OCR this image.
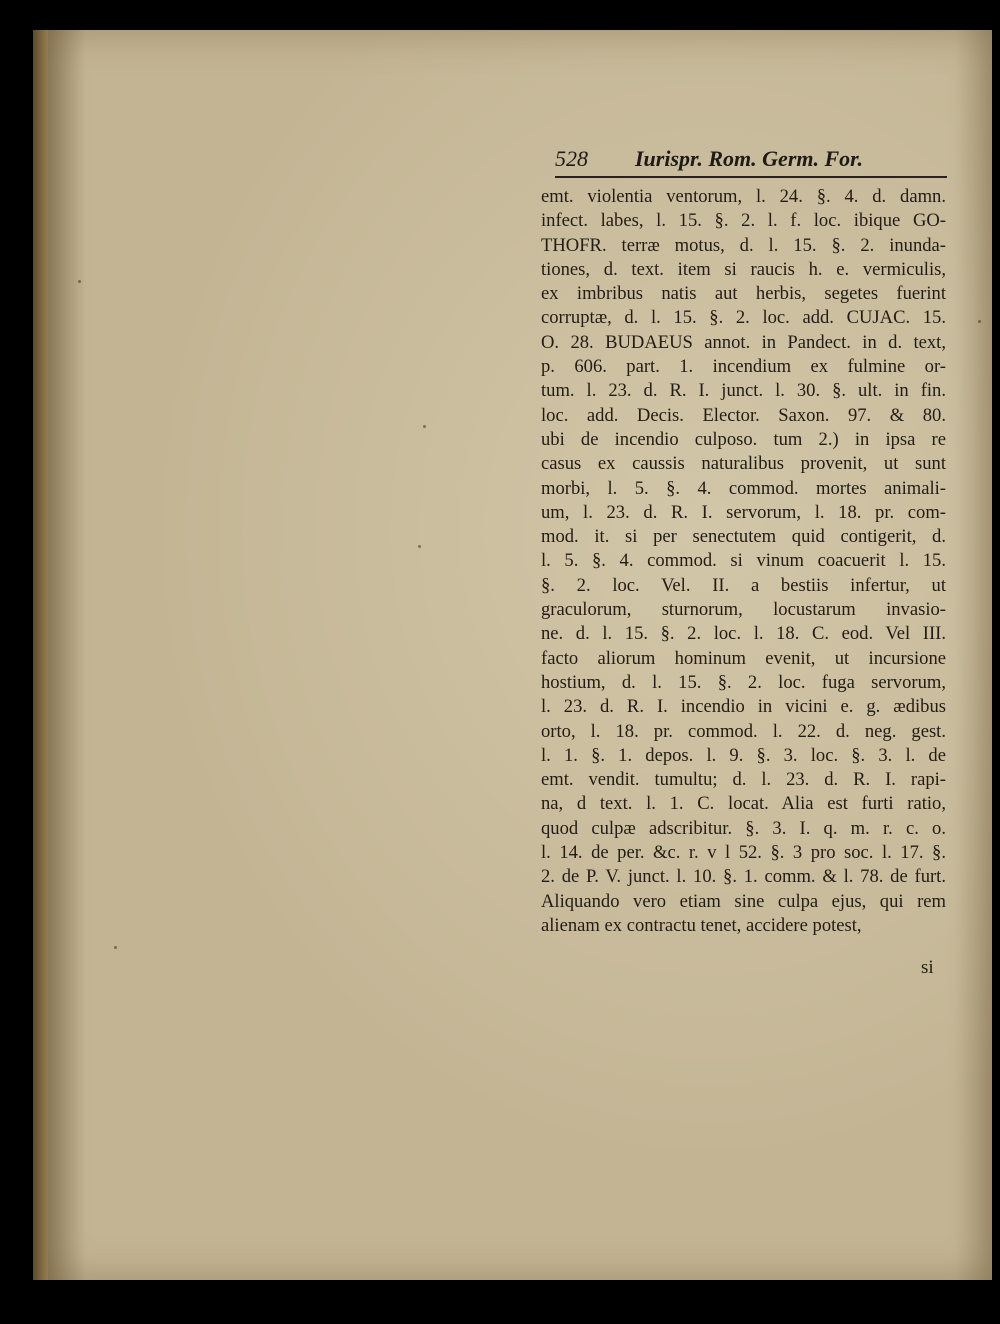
528 Iurispr. Rom. Germ. For.
emt. violentia ventorum, l. 24. §. 4. d. damn.
infect. labes, l. 15. §. 2. l. f. loc. ibique GO-
THOFR. terræ motus, d. l. 15. §. 2. inunda-
tiones, d. text. item si raucis h. e. vermiculis,
ex imbribus natis aut herbis, segetes fuerint
corruptæ, d. l. 15. §. 2. loc. add. CUJAC. 15.
O. 28. BUDAEUS annot. in Pandect. in d. text,
p. 606. part. 1. incendium ex fulmine or-
tum. l. 23. d. R. I. junct. l. 30. §. ult. in fin.
loc. add. Decis. Elector. Saxon. 97. & 80.
ubi de incendio culposo. tum 2.) in ipsa re
casus ex caussis naturalibus provenit, ut sunt
morbi, l. 5. §. 4. commod. mortes animali-
um, l. 23. d. R. I. servorum, l. 18. pr. com-
mod. it. si per senectutem quid contigerit, d.
l. 5. §. 4. commod. si vinum coacuerit l. 15.
§. 2. loc. Vel. II. a bestiis infertur, ut
graculorum, sturnorum, locustarum invasio-
ne. d. l. 15. §. 2. loc. l. 18. C. eod. Vel III.
facto aliorum hominum evenit, ut incursione
hostium, d. l. 15. §. 2. loc. fuga servorum,
l. 23. d. R. I. incendio in vicini e. g. ædibus
orto, l. 18. pr. commod. l. 22. d. neg. gest.
l. 1. §. 1. depos. l. 9. §. 3. loc. §. 3. l. de
emt. vendit. tumultu; d. l. 23. d. R. I. rapi-
na, d text. l. 1. C. locat. Alia est furti ratio,
quod culpæ adscribitur. §. 3. I. q. m. r. c. o.
l. 14. de per. &c. r. v l 52. §. 3 pro soc. l. 17. §.
2. de P. V. junct. l. 10. §. 1. comm. & l. 78. de furt.
Aliquando vero etiam sine culpa ejus, qui rem
alienam ex contractu tenet, accidere potest,
si
